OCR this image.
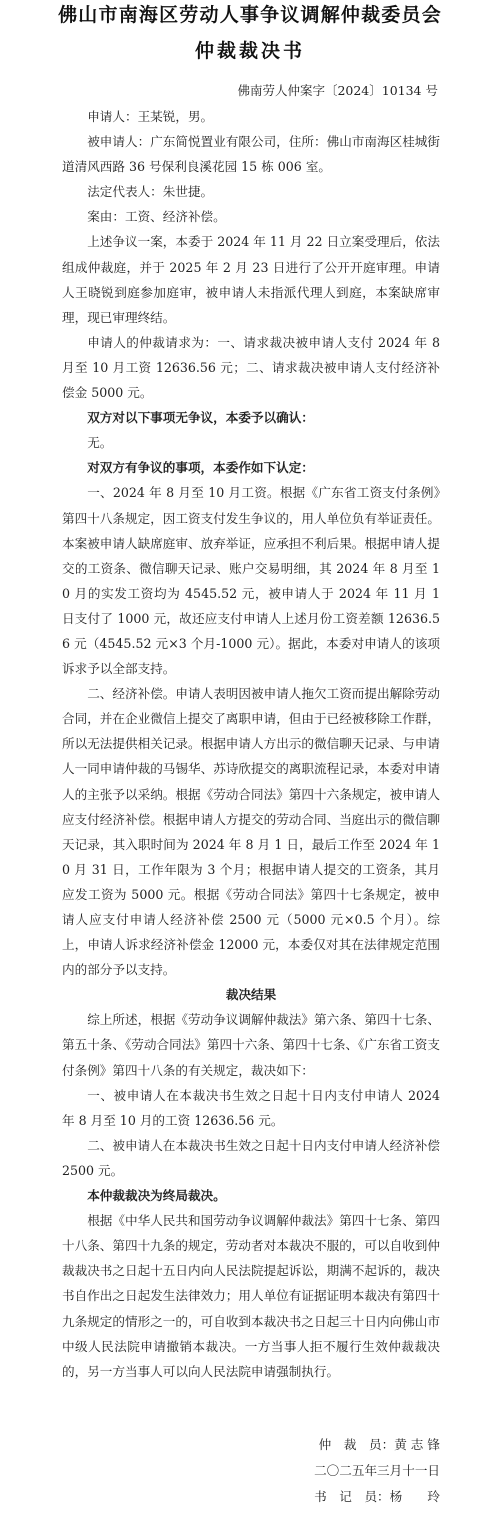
佛山市南海区劳动人事争议调解仲裁委员会
仲裁裁决书
佛南劳人仲案字〔2024〕10134 号

申请人：王某锐，男。

被申请人：广东简悦置业有限公司，住所：佛山市南海区桂城街道清风西路 36 号保利良溪花园 15 栋 006 室。

法定代表人：朱世捷。

案由：工资、经济补偿。

上述争议一案，本委于 2024 年 11 月 22 日立案受理后，依法组成仲裁庭，并于 2025 年 2 月 23 日进行了公开开庭审理。申请人王晓锐到庭参加庭审，被申请人未指派代理人到庭，本案缺席审理，现已审理终结。

申请人的仲裁请求为：一、请求裁决被申请人支付 2024 年 8 月至 10 月工资 12636.56 元；二、请求裁决被申请人支付经济补偿金 5000 元。

双方对以下事项无争议，本委予以确认：

无。

对双方有争议的事项，本委作如下认定：

一、2024 年 8 月至 10 月工资。根据《广东省工资支付条例》第四十八条规定，因工资支付发生争议的，用人单位负有举证责任。本案被申请人缺席庭审、放弃举证，应承担不利后果。根据申请人提交的工资条、微信聊天记录、账户交易明细，其 2024 年 8 月至 10 月的实发工资均为 4545.52 元，被申请人于 2024 年 11 月 1 日支付了 1000 元，故还应支付申请人上述月份工资差额 12636.56 元（4545.52 元×3 个月-1000 元）。据此，本委对申请人的该项诉求予以全部支持。

二、经济补偿。申请人表明因被申请人拖欠工资而提出解除劳动合同，并在企业微信上提交了离职申请，但由于已经被移除工作群，所以无法提供相关记录。根据申请人方出示的微信聊天记录、与申请人一同申请仲裁的马锡华、苏诗欣提交的离职流程记录，本委对申请人的主张予以采纳。根据《劳动合同法》第四十六条规定，被申请人应支付经济补偿。根据申请人方提交的劳动合同、当庭出示的微信聊天记录，其入职时间为 2024 年 8 月 1 日，最后工作至 2024 年 10 月 31 日，工作年限为 3 个月；根据申请人提交的工资条，其月应发工资为 5000 元。根据《劳动合同法》第四十七条规定，被申请人应支付申请人经济补偿 2500 元（5000 元×0.5 个月）。综上，申请人诉求经济补偿金 12000 元，本委仅对其在法律规定范围内的部分予以支持。

裁决结果

综上所述，根据《劳动争议调解仲裁法》第六条、第四十七条、第五十条、《劳动合同法》第四十六条、第四十七条、《广东省工资支付条例》第四十八条的有关规定，裁决如下：

一、被申请人在本裁决书生效之日起十日内支付申请人 2024 年 8 月至 10 月的工资 12636.56 元。

二、被申请人在本裁决书生效之日起十日内支付申请人经济补偿 2500 元。

本仲裁裁决为终局裁决。

根据《中华人民共和国劳动争议调解仲裁法》第四十七条、第四十八条、第四十九条的规定，劳动者对本裁决不服的，可以自收到仲裁裁决书之日起十五日内向人民法院提起诉讼，期满不起诉的，裁决书自作出之日起发生法律效力；用人单位有证据证明本裁决有第四十九条规定的情形之一的，可自收到本裁决书之日起三十日内向佛山市中级人民法院申请撤销本裁决。一方当事人拒不履行生效仲裁裁决的，另一方当事人可以向人民法院申请强制执行。

仲　裁　员：黄 志 锋
二〇二五年三月十一日
书　记　员：杨　　玲
